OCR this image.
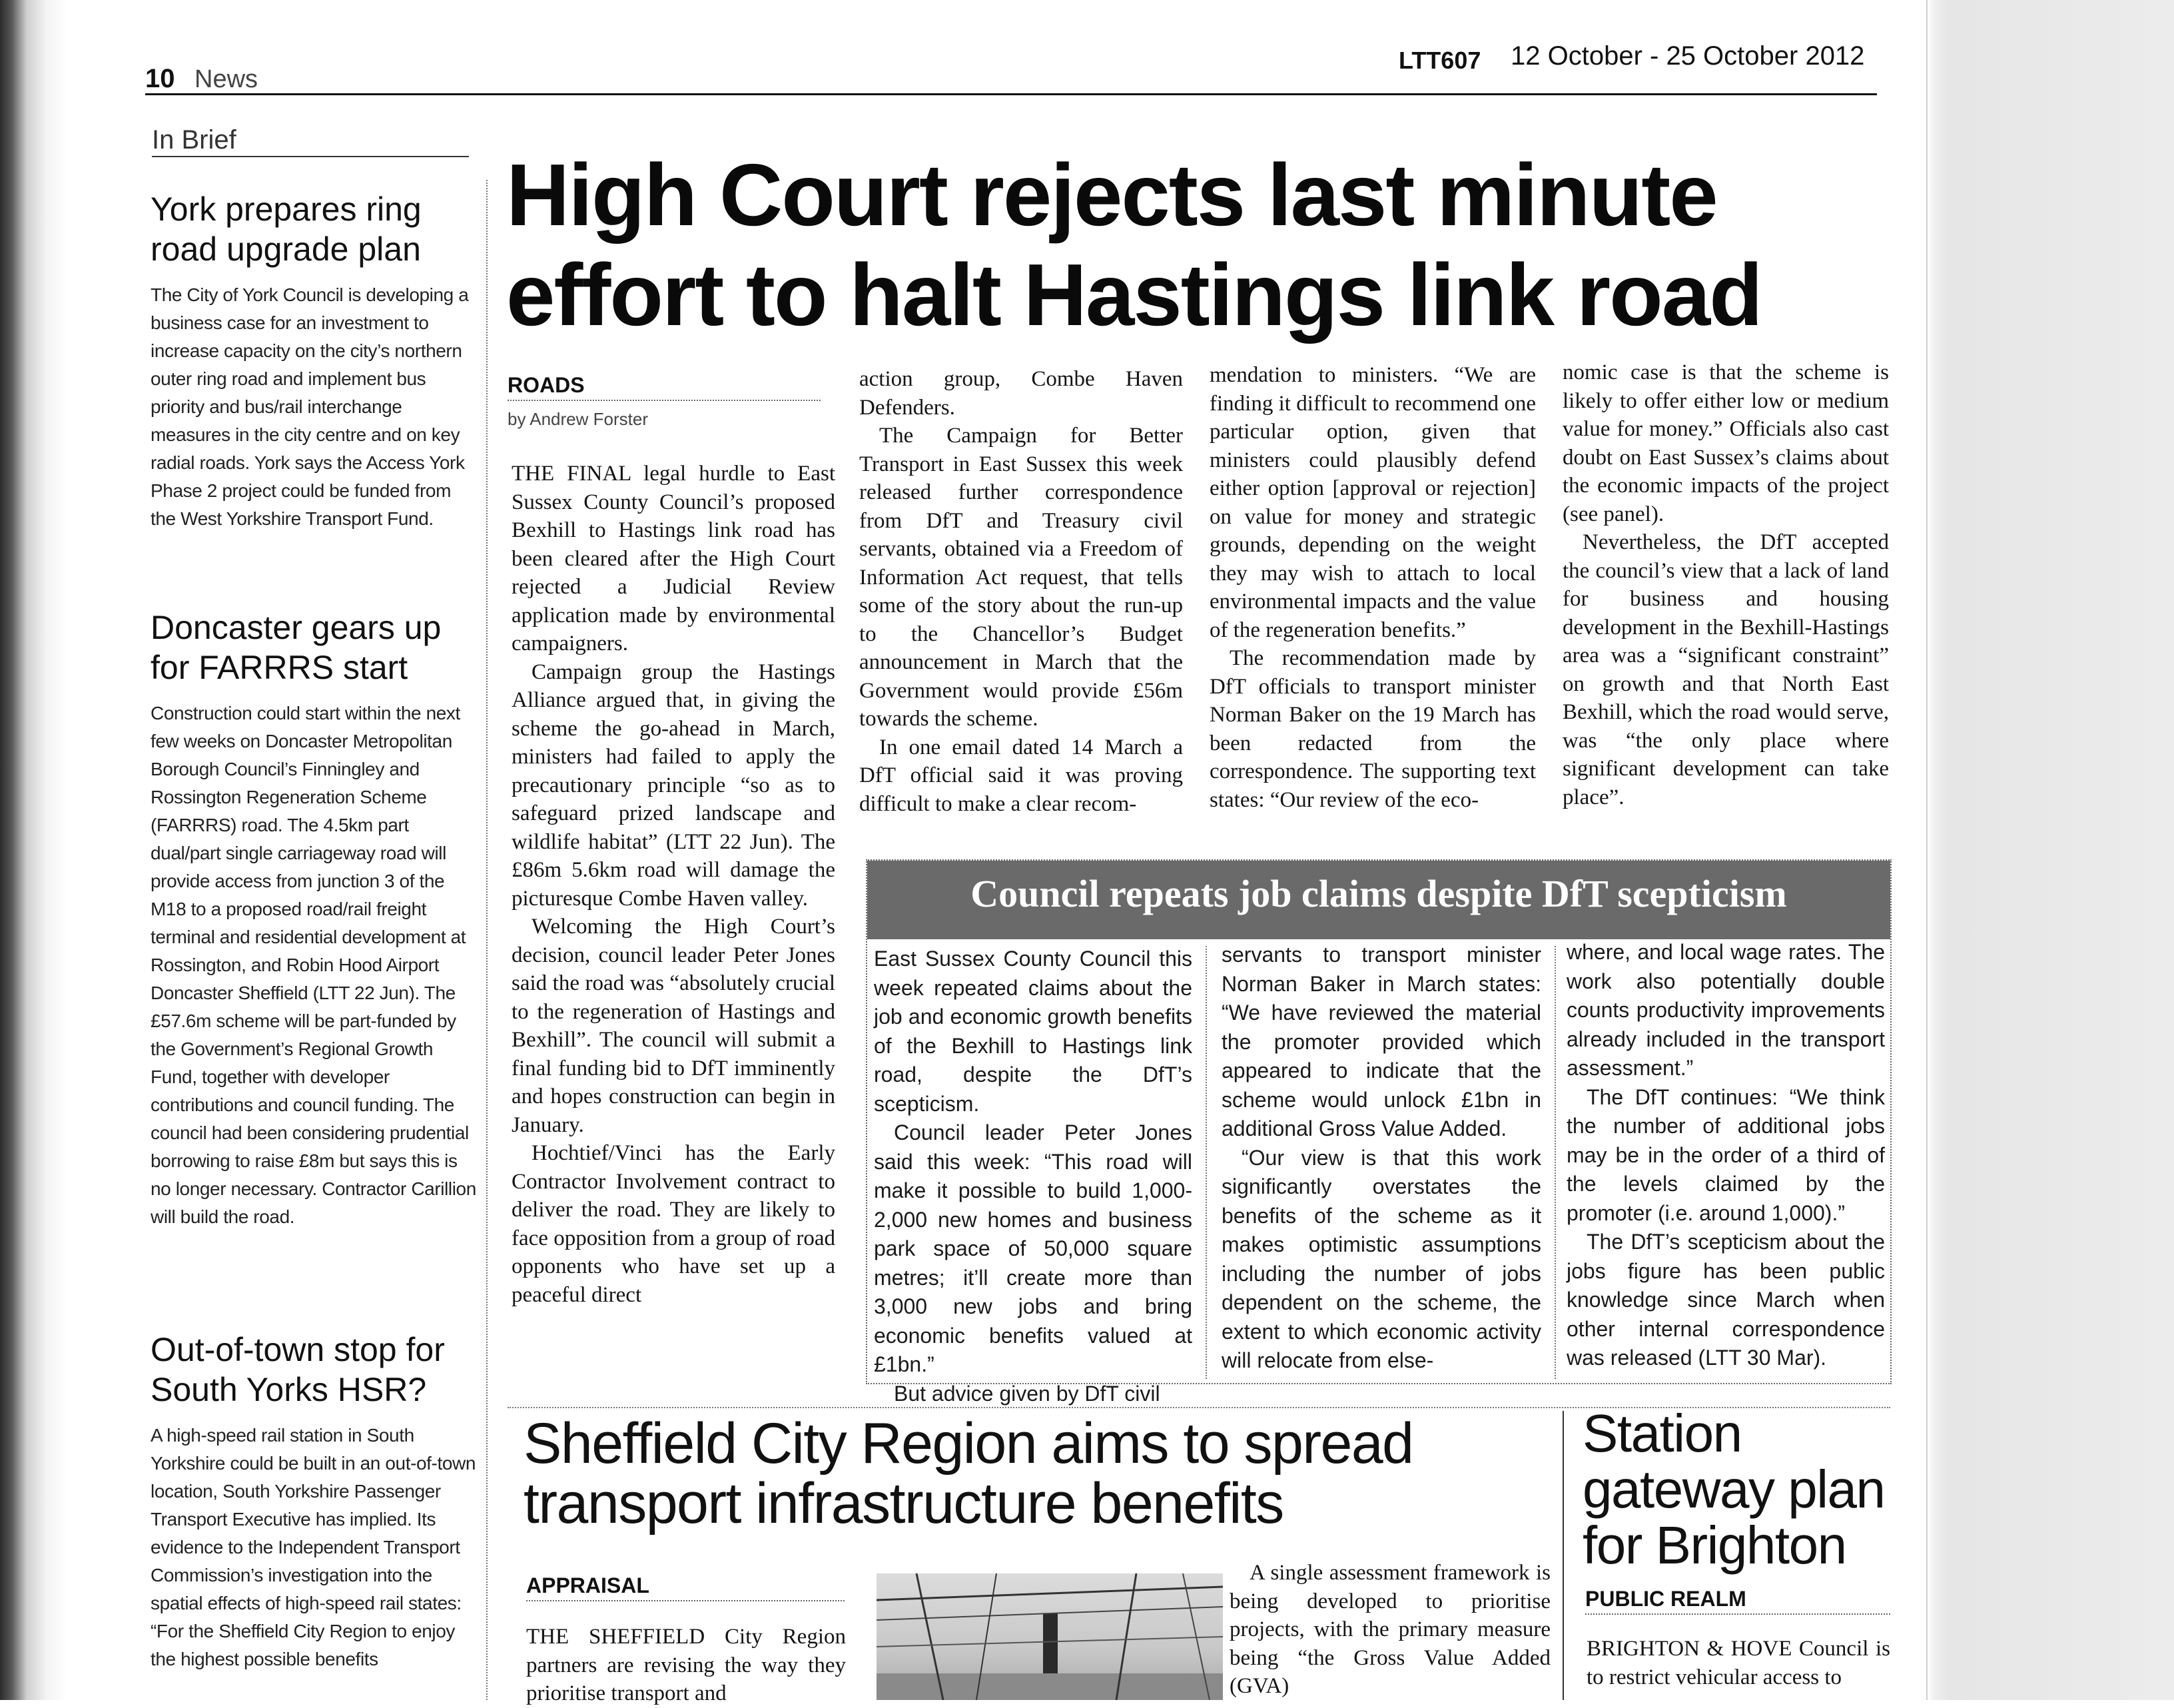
10 News
LTT607 12 October - 25 October 2012
In Brief
York prepares ring road upgrade plan

The City of York Council is developing a business case for an investment to increase capacity on the city’s northern outer ring road and implement bus priority and bus/rail interchange measures in the city centre and on key radial roads. York says the Access York Phase 2 project could be funded from the West Yorkshire Transport Fund.

Doncaster gears up for FARRRS start

Construction could start within the next few weeks on Doncaster Metropolitan Borough Council’s Finningley and Rossington Regeneration Scheme (FARRRS) road. The 4.5km part dual/part single carriageway road will provide access from junction 3 of the M18 to a proposed road/rail freight terminal and residential development at Rossington, and Robin Hood Airport Doncaster Sheffield (LTT 22 Jun). The £57.6m scheme will be part-funded by the Government’s Regional Growth Fund, together with developer contributions and council funding. The council had been considering prudential borrowing to raise £8m but says this is no longer necessary. Contractor Carillion will build the road.

Out-of-town stop for South Yorks HSR?

A high-speed rail station in South Yorkshire could be built in an out-of-town location, South Yorkshire Passenger Transport Executive has implied. Its evidence to the Independent Transport Commission’s investigation into the spatial effects of high-speed rail states: “For the Sheffield City Region to enjoy the highest possible benefits

High Court rejects last minute effort to halt Hastings link road
ROADS
by Andrew Forster

THE FINAL legal hurdle to East Sussex County Council’s proposed Bexhill to Hastings link road has been cleared after the High Court rejected a Judicial Review application made by environmental campaigners.

Campaign group the Hastings Alliance argued that, in giving the scheme the go-ahead in March, ministers had failed to apply the precautionary principle “so as to safeguard prized landscape and wildlife habitat” (LTT 22 Jun). The £86m 5.6km road will damage the picturesque Combe Haven valley.

Welcoming the High Court’s decision, council leader Peter Jones said the road was “absolutely crucial to the regeneration of Hastings and Bexhill”. The council will submit a final funding bid to DfT imminently and hopes construction can begin in January.

Hochtief/Vinci has the Early Contractor Involvement contract to deliver the road. They are likely to face opposition from a group of road opponents who have set up a peaceful direct

action group, Combe Haven Defenders.

The Campaign for Better Transport in East Sussex this week released further correspondence from DfT and Treasury civil servants, obtained via a Freedom of Information Act request, that tells some of the story about the run-up to the Chancellor’s Budget announcement in March that the Government would provide £56m towards the scheme.

In one email dated 14 March a DfT official said it was proving difficult to make a clear recom-

mendation to ministers. “We are finding it difficult to recommend one particular option, given that ministers could plausibly defend either option [approval or rejection] on value for money and strategic grounds, depending on the weight they may wish to attach to local environmental impacts and the value of the regeneration benefits.”

The recommendation made by DfT officials to transport minister Norman Baker on the 19 March has been redacted from the correspondence. The supporting text states: “Our review of the eco-

nomic case is that the scheme is likely to offer either low or medium value for money.” Officials also cast doubt on East Sussex’s claims about the economic impacts of the project (see panel).

Nevertheless, the DfT accepted the council’s view that a lack of land for business and housing development in the Bexhill-Hastings area was a “significant constraint” on growth and that North East Bexhill, which the road would serve, was “the only place where significant development can take place”.

Council repeats job claims despite DfT scepticism

East Sussex County Council this week repeated claims about the job and economic growth benefits of the Bexhill to Hastings link road, despite the DfT’s scepticism.

Council leader Peter Jones said this week: “This road will make it possible to build 1,000-2,000 new homes and business park space of 50,000 square metres; it’ll create more than 3,000 new jobs and bring economic benefits valued at £1bn.”

But advice given by DfT civil

servants to transport minister Norman Baker in March states: “We have reviewed the material the promoter provided which appeared to indicate that the scheme would unlock £1bn in additional Gross Value Added.

“Our view is that this work significantly overstates the benefits of the scheme as it makes optimistic assumptions including the number of jobs dependent on the scheme, the extent to which economic activity will relocate from else-

where, and local wage rates. The work also potentially double counts productivity improvements already included in the transport assessment.”

The DfT continues: “We think the number of additional jobs may be in the order of a third of the levels claimed by the promoter (i.e. around 1,000).”

The DfT’s scepticism about the jobs figure has been public knowledge since March when other internal correspondence was released (LTT 30 Mar).

Sheffield City Region aims to spread transport infrastructure benefits
APPRAISAL

THE SHEFFIELD City Region partners are revising the way they prioritise transport and

A single assessment framework is being developed to prioritise projects, with the primary measure being “the Gross Value Added (GVA)

Station gateway plan for Brighton
PUBLIC REALM

BRIGHTON & HOVE Council is to restrict vehicular access to
